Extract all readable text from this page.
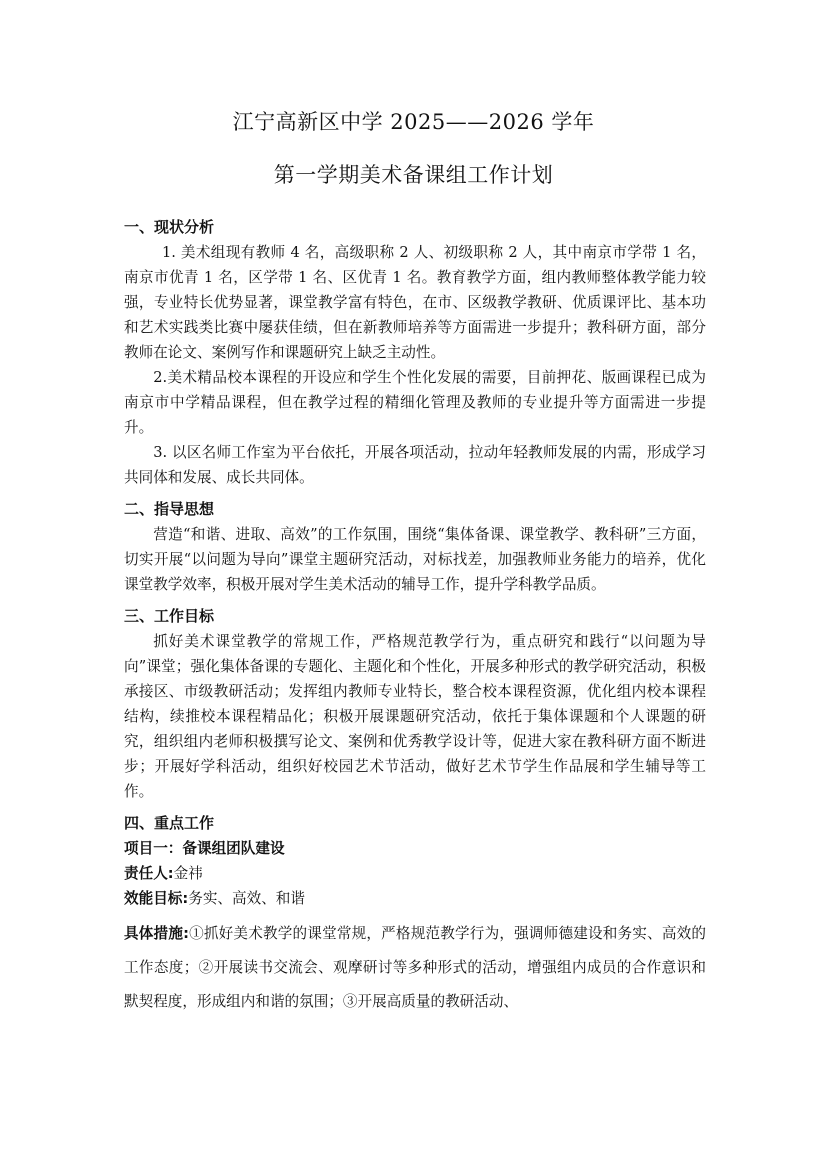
江宁高新区中学 2025——2026 学年
第一学期美术备课组工作计划

一、现状分析

1. 美术组现有教师 4 名，高级职称 2 人、初级职称 2 人，其中南京市学带 1 名，南京市优青 1 名，区学带 1 名、区优青 1 名。教育教学方面，组内教师整体教学能力较强，专业特长优势显著，课堂教学富有特色，在市、区级教学教研、优质课评比、基本功和艺术实践类比赛中屡获佳绩，但在新教师培养等方面需进一步提升；教科研方面，部分教师在论文、案例写作和课题研究上缺乏主动性。

2.美术精品校本课程的开设应和学生个性化发展的需要，目前押花、版画课程已成为南京市中学精品课程，但在教学过程的精细化管理及教师的专业提升等方面需进一步提升。

3. 以区名师工作室为平台依托，开展各项活动，拉动年轻教师发展的内需，形成学习共同体和发展、成长共同体。

二、指导思想

营造“和谐、进取、高效”的工作氛围，围绕“集体备课、课堂教学、教科研”三方面，切实开展“以问题为导向”课堂主题研究活动，对标找差，加强教师业务能力的培养，优化课堂教学效率，积极开展对学生美术活动的辅导工作，提升学科教学品质。

三、工作目标

抓好美术课堂教学的常规工作，严格规范教学行为，重点研究和践行“以问题为导向”课堂；强化集体备课的专题化、主题化和个性化，开展多种形式的教学研究活动，积极承接区、市级教研活动；发挥组内教师专业特长，整合校本课程资源，优化组内校本课程结构，续推校本课程精品化；积极开展课题研究活动，依托于集体课题和个人课题的研究，组织组内老师积极撰写论文、案例和优秀教学设计等，促进大家在教科研方面不断进步；开展好学科活动，组织好校园艺术节活动，做好艺术节学生作品展和学生辅导等工作。

四、重点工作

项目一：备课组团队建设

责任人:金祎

效能目标:务实、高效、和谐

具体措施:①抓好美术教学的课堂常规，严格规范教学行为，强调师德建设和务实、高效的工作态度；②开展读书交流会、观摩研讨等多种形式的活动，增强组内成员的合作意识和默契程度，形成组内和谐的氛围；③开展高质量的教研活动、
